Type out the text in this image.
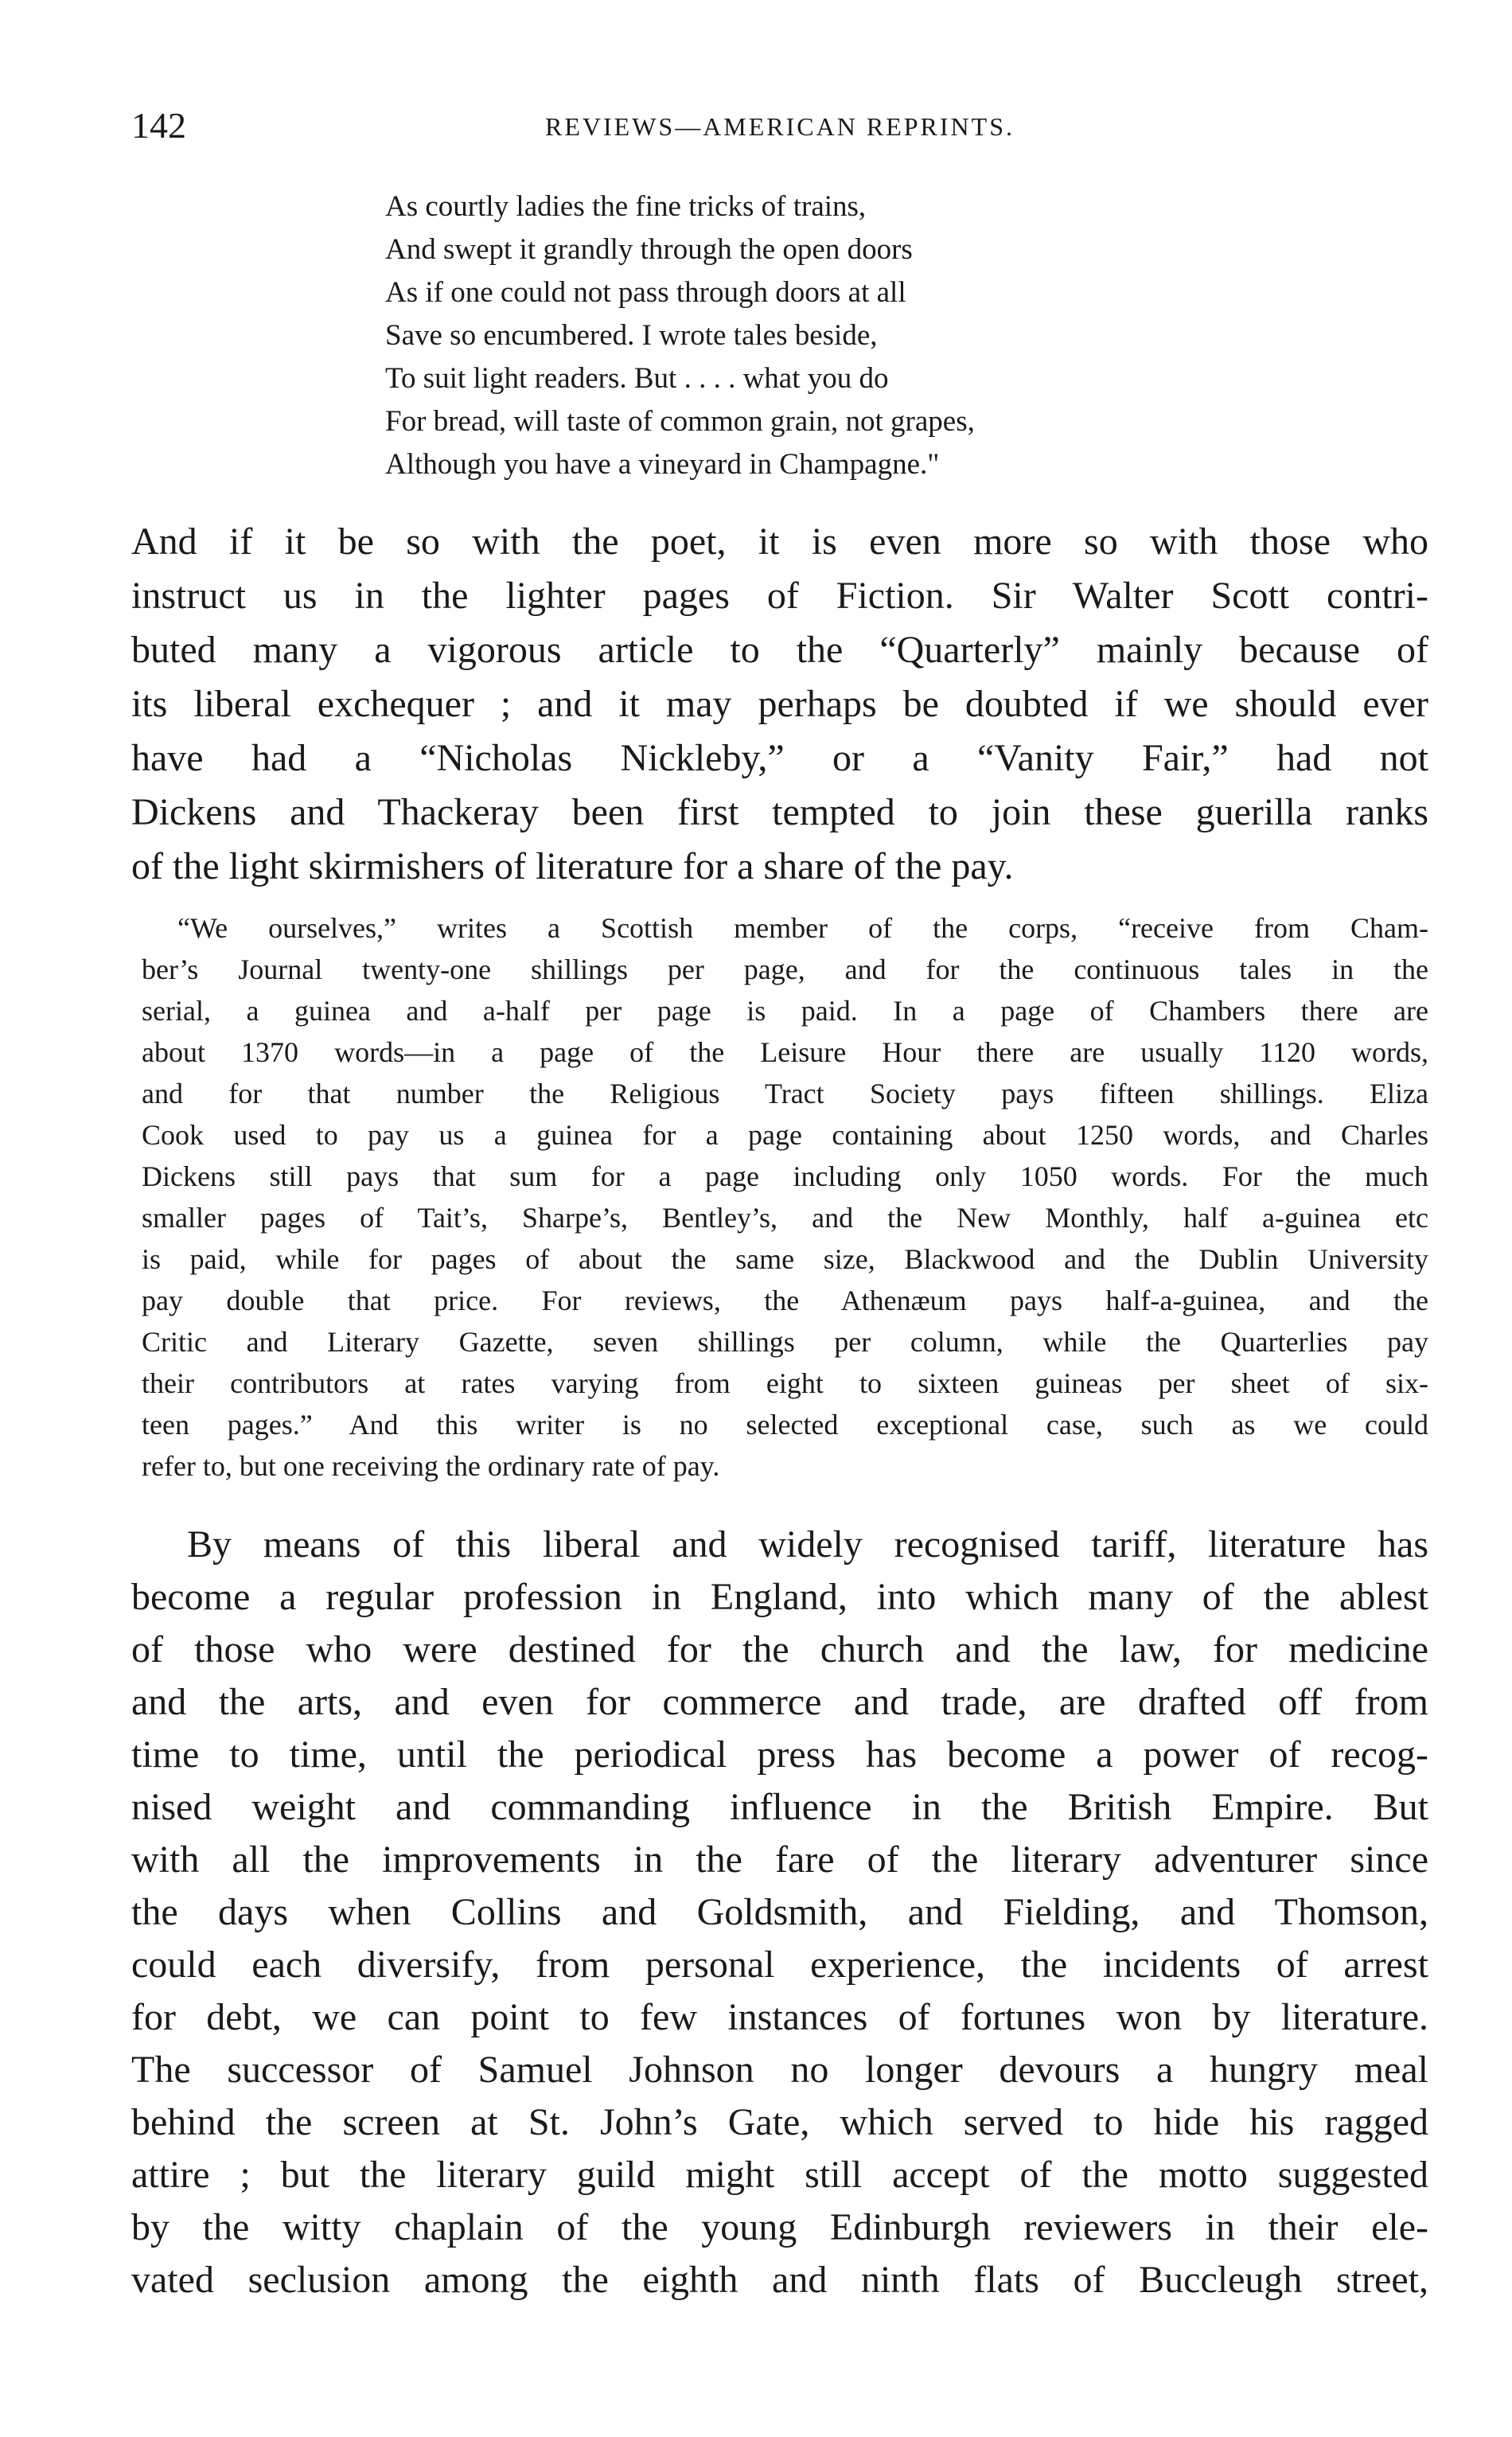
142	REVIEWS—AMERICAN REPRINTS.
As courtly ladies the fine tricks of trains,
And swept it grandly through the open doors
As if one could not pass through doors at all
Save so encumbered. I wrote tales beside,
To suit light readers. But . . . . what you do
For bread, will taste of common grain, not grapes,
Although you have a vineyard in Champagne."
And if it be so with the poet, it is even more so with those who
instruct us in the lighter pages of Fiction. Sir Walter Scott contri-
buted many a vigorous article to the “Quarterly” mainly because of
its liberal exchequer ; and it may perhaps be doubted if we should ever
have had a “Nicholas Nickleby,” or a “Vanity Fair,” had not
Dickens and Thackeray been first tempted to join these guerilla ranks
of the light skirmishers of literature for a share of the pay.
“We ourselves,” writes a Scottish member of the corps, “receive from Cham-
ber’s Journal twenty-one shillings per page, and for the continuous tales in the
serial, a guinea and a-half per page is paid. In a page of Chambers there are
about 1370 words—in a page of the Leisure Hour there are usually 1120 words,
and for that number the Religious Tract Society pays fifteen shillings. Eliza
Cook used to pay us a guinea for a page containing about 1250 words, and Charles
Dickens still pays that sum for a page including only 1050 words. For the much
smaller pages of Tait’s, Sharpe’s, Bentley’s, and the New Monthly, half a-guinea etc
is paid, while for pages of about the same size, Blackwood and the Dublin University
pay double that price. For reviews, the Athenæum pays half-a-guinea, and the
Critic and Literary Gazette, seven shillings per column, while the Quarterlies pay
their contributors at rates varying from eight to sixteen guineas per sheet of six-
teen pages.” And this writer is no selected exceptional case, such as we could
refer to, but one receiving the ordinary rate of pay.
By means of this liberal and widely recognised tariff, literature has
become a regular profession in England, into which many of the ablest
of those who were destined for the church and the law, for medicine
and the arts, and even for commerce and trade, are drafted off from
time to time, until the periodical press has become a power of recog-
nised weight and commanding influence in the British Empire. But
with all the improvements in the fare of the literary adventurer since
the days when Collins and Goldsmith, and Fielding, and Thomson,
could each diversify, from personal experience, the incidents of arrest
for debt, we can point to few instances of fortunes won by literature.
The successor of Samuel Johnson no longer devours a hungry meal
behind the screen at St. John’s Gate, which served to hide his ragged
attire ; but the literary guild might still accept of the motto suggested
by the witty chaplain of the young Edinburgh reviewers in their ele-
vated seclusion among the eighth and ninth flats of Buccleugh street,
